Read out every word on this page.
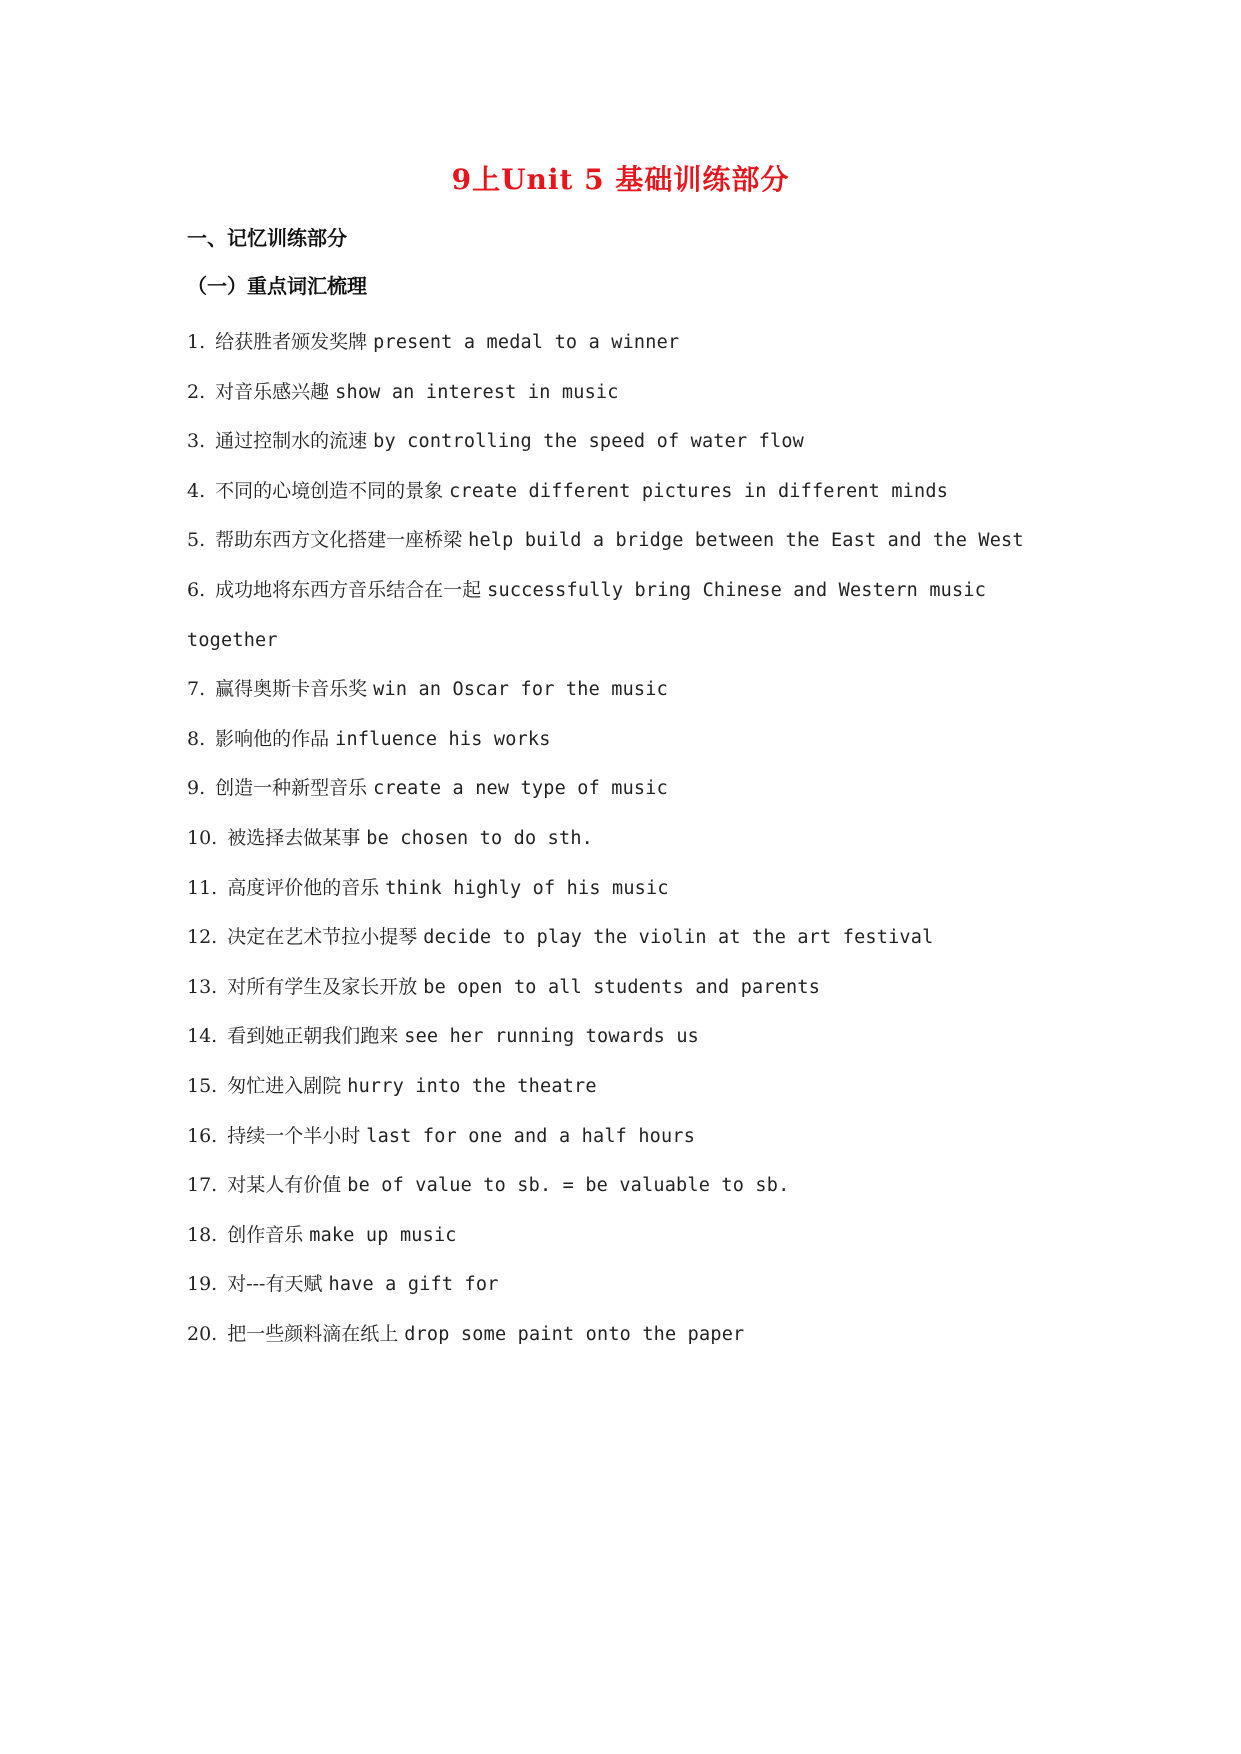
9上Unit 5 基础训练部分
一、记忆训练部分
（一）重点词汇梳理
1. 给获胜者颁发奖牌 present a medal to a winner
2. 对音乐感兴趣 show an interest in music
3. 通过控制水的流速 by controlling the speed of water flow
4. 不同的心境创造不同的景象 create different pictures in different minds
5. 帮助东西方文化搭建一座桥梁 help build a bridge between the East and the West
6. 成功地将东西方音乐结合在一起 successfully bring Chinese and Western music together
7. 赢得奥斯卡音乐奖 win an Oscar for the music
8. 影响他的作品 influence his works
9. 创造一种新型音乐 create a new type of music
10. 被选择去做某事 be chosen to do sth.
11. 高度评价他的音乐 think highly of his music
12. 决定在艺术节拉小提琴 decide to play the violin at the art festival
13. 对所有学生及家长开放 be open to all students and parents
14. 看到她正朝我们跑来 see her running towards us
15. 匆忙进入剧院 hurry into the theatre
16. 持续一个半小时 last for one and a half hours
17. 对某人有价值 be of value to sb. = be valuable to sb.
18. 创作音乐 make up music
19. 对---有天赋 have a gift for
20. 把一些颜料滴在纸上 drop some paint onto the paper
